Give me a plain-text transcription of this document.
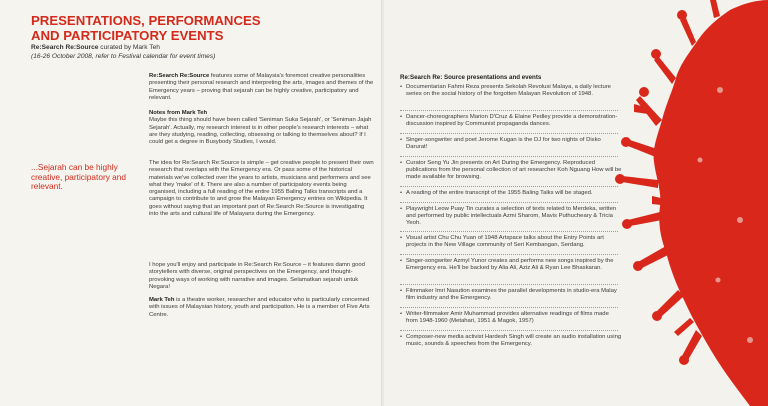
PRESENTATIONS, PERFORMANCES
AND PARTICIPATORY EVENTS
Re:Search Re:Source curated by Mark Teh
(16-26 October 2008, refer to Festival calendar for event times)

Re:Search Re:Source features some of Malaysia's foremost creative personalities presenting their personal research and interpreting the arts, images and themes of the Emergency years – proving that sejarah can be highly creative, participatory and relevant.

Notes from Mark Teh

Maybe this thing should have been called 'Seniman Suka Sejarah', or 'Seniman Jajah Sejarah'. Actually, my research interest is in other people's research interests – what are they studying, reading, collecting, obsessing or talking to themselves about? If I could get a degree in Busybody Studies, I would.

The idea for Re:Search Re:Source is simple – get creative people to present their own research that overlaps with the Emergency era. Or pass some of the historical materials we've collected over the years to artists, musicians and performers and see what they 'make' of it. There are also a number of participatory events being organised, including a full reading of the entire 1955 Baling Talks transcripts and a campaign to contribute to and grow the Malayan Emergency entries on Wikipedia. It goes without saying that an important part of Re:Search Re:Source is investigating into the arts and cultural life of Malayans during the Emergency.
I hope you'll enjoy and participate in Re:Search Re:Source – it features damn good storytellers with diverse, original perspectives on the Emergency, and thought-provoking ways of working with narrative and images. Selamatkan sejarah untuk Negara!

Mark Teh is a theatre worker, researcher and educator who is particularly concerned with issues of Malaysian history, youth and participation. He is a member of Five Arts Centre.

...Sejarah can be highly creative, participatory and relevant.
Re:Search Re: Source presentations and events
• Documentarian Fahmi Reza presents Sekolah Revolusi Malaya, a daily lecture series on the social history of the forgotten Malayan Revolution of 1948.
• Dancer-choreographers Marion D'Cruz & Elaine Pedley provide a demonstration-discussion inspired by Communist propaganda dances.
• Singer-songwriter and poet Jerome Kugan is the DJ for two nights of Disko Darurat!
• Curator Seng Yu Jin presents on Art During the Emergency. Reproduced publications from the personal collection of art researcher Koh Nguang How will be made available for browsing.
• A reading of the entire transcript of the 1955 Baling Talks will be staged.
• Playwright Leow Puay Tin curates a selection of texts related to Merdeka, written and performed by public intellectuals Azmi Sharom, Mavis Puthucheary & Tricia Yeoh.
• Visual artist Chu Chu Yuan of 1948 Artspace talks about the Entry Points art projects in the New Village community of Seri Kembangan, Serdang.
• Singer-songwriter Azmyl Yunor creates and performs new songs inspired by the Emergency era. He'll be backed by Alia Ali, Aziz Ali & Ryan Lee Bhaskaran.
• Filmmaker Imri Nasution examines the parallel developments in studio-era Malay film industry and the Emergency.
• Writer-filmmaker Amir Muhammad provides alternative readings of films made from 1948-1960 (Metahari, 1951 & Magok, 1957)
• Composer-new media activist Hardesh Singh will create an audio installation using music, sounds & speeches from the Emergency.
